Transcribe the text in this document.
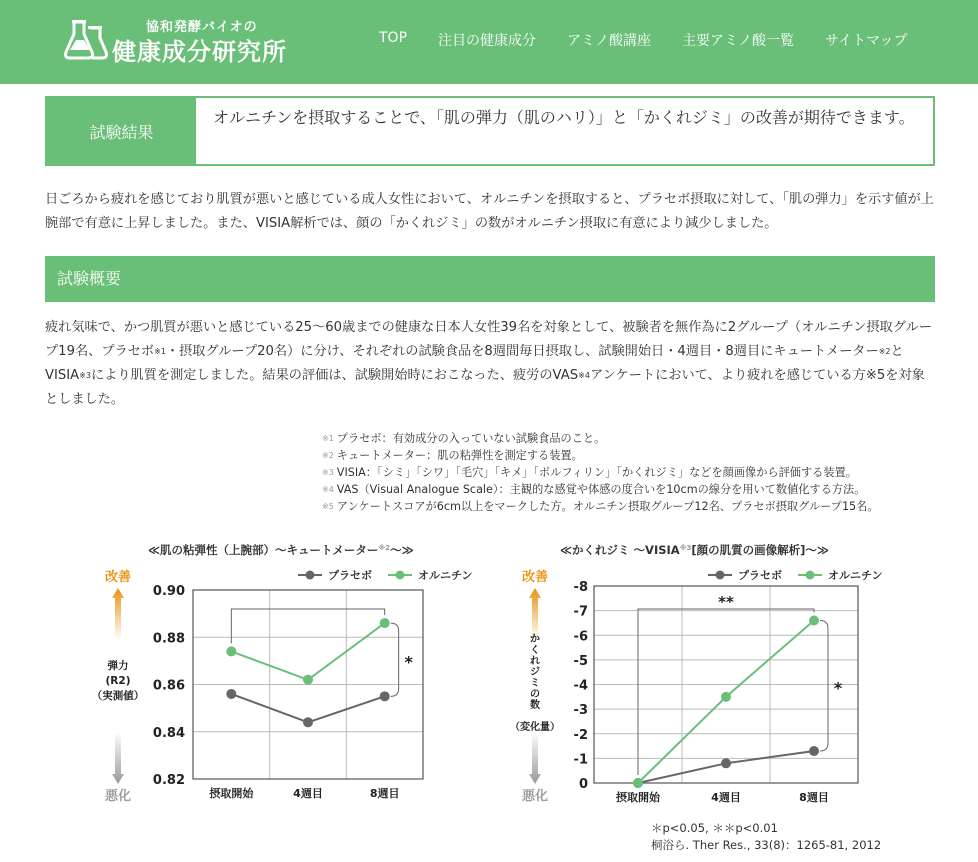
協和発酵バイオの
健康成分研究所	TOP 注目の健康成分 アミノ酸講座 主要アミノ酸一覧 サイトマップ
試験結果
オルニチンを摂取することで、「肌の弾力（肌のハリ）」と「かくれジミ」の改善が期待できます。
日ごろから疲れを感じており肌質が悪いと感じている成人女性において、オルニチンを摂取すると、プラセボ摂取に対して、「肌の弾力」を示す値が上腕部で有意に上昇しました。また、VISIA解析では、顔の「かくれジミ」の数がオルニチン摂取に有意により減少しました。
試験概要
疲れ気味で、かつ肌質が悪いと感じている25～60歳までの健康な日本人女性39名を対象として、被験者を無作為に2グループ（オルニチン摂取グループ19名、プラセボ$^{※1}$・摂取グループ20名）に分け、それぞれの試験食品を8週間毎日摂取し、試験開始日・4週目・8週目にキュートメーター$^{※2}$とVISIA$^{※3}$により肌質を測定しました。結果の評価は、試験開始時におこなった、疲労のVAS$^{※4}$アンケートにおいて、より疲れを感じている方※5を対象としました。
$^{※1}$ プラセボ：有効成分の入っていない試験食品のこと。
$^{※2}$ キュートメーター：肌の粘弾性を測定する装置。
$^{※3}$ VISIA：「シミ」「シワ」「毛穴」「キメ」「ポルフィリン」「かくれジミ」などを顔画像から評価する装置。
$^{※4}$ VAS（Visual Analogue Scale）：主観的な感覚や体感の度合いを10cmの線分を用いて数値化する方法。
$^{※5}$ アンケートスコアが6cm以上をマークした方。オルニチン摂取グループ12名、プラセボ摂取グループ15名。
≪肌の粘弾性（上腕部）～キュートメーター$^{※2}$～≫
プラセボ	オルニチン
0.90
0.88
0.86
0.84
0.82
摂取開始	4週目	8週目
*
改善
悪化
弾力
(R2)
（実測値）
≪かくれジミ ～VISIA$^{※3}$[顔の肌質の画像解析]～≫
プラセボ	オルニチン
-8
-7
-6
-5
-4
-3
-2
-1
0
摂取開始	4週目	8週目
**
*
改善
悪化
か
く
れ
ジ
ミ
の
数
（変化量）
＊p<0.05, ＊＊p<0.01
桐浴ら. Ther Res., 33(8)：1265-81, 2012
